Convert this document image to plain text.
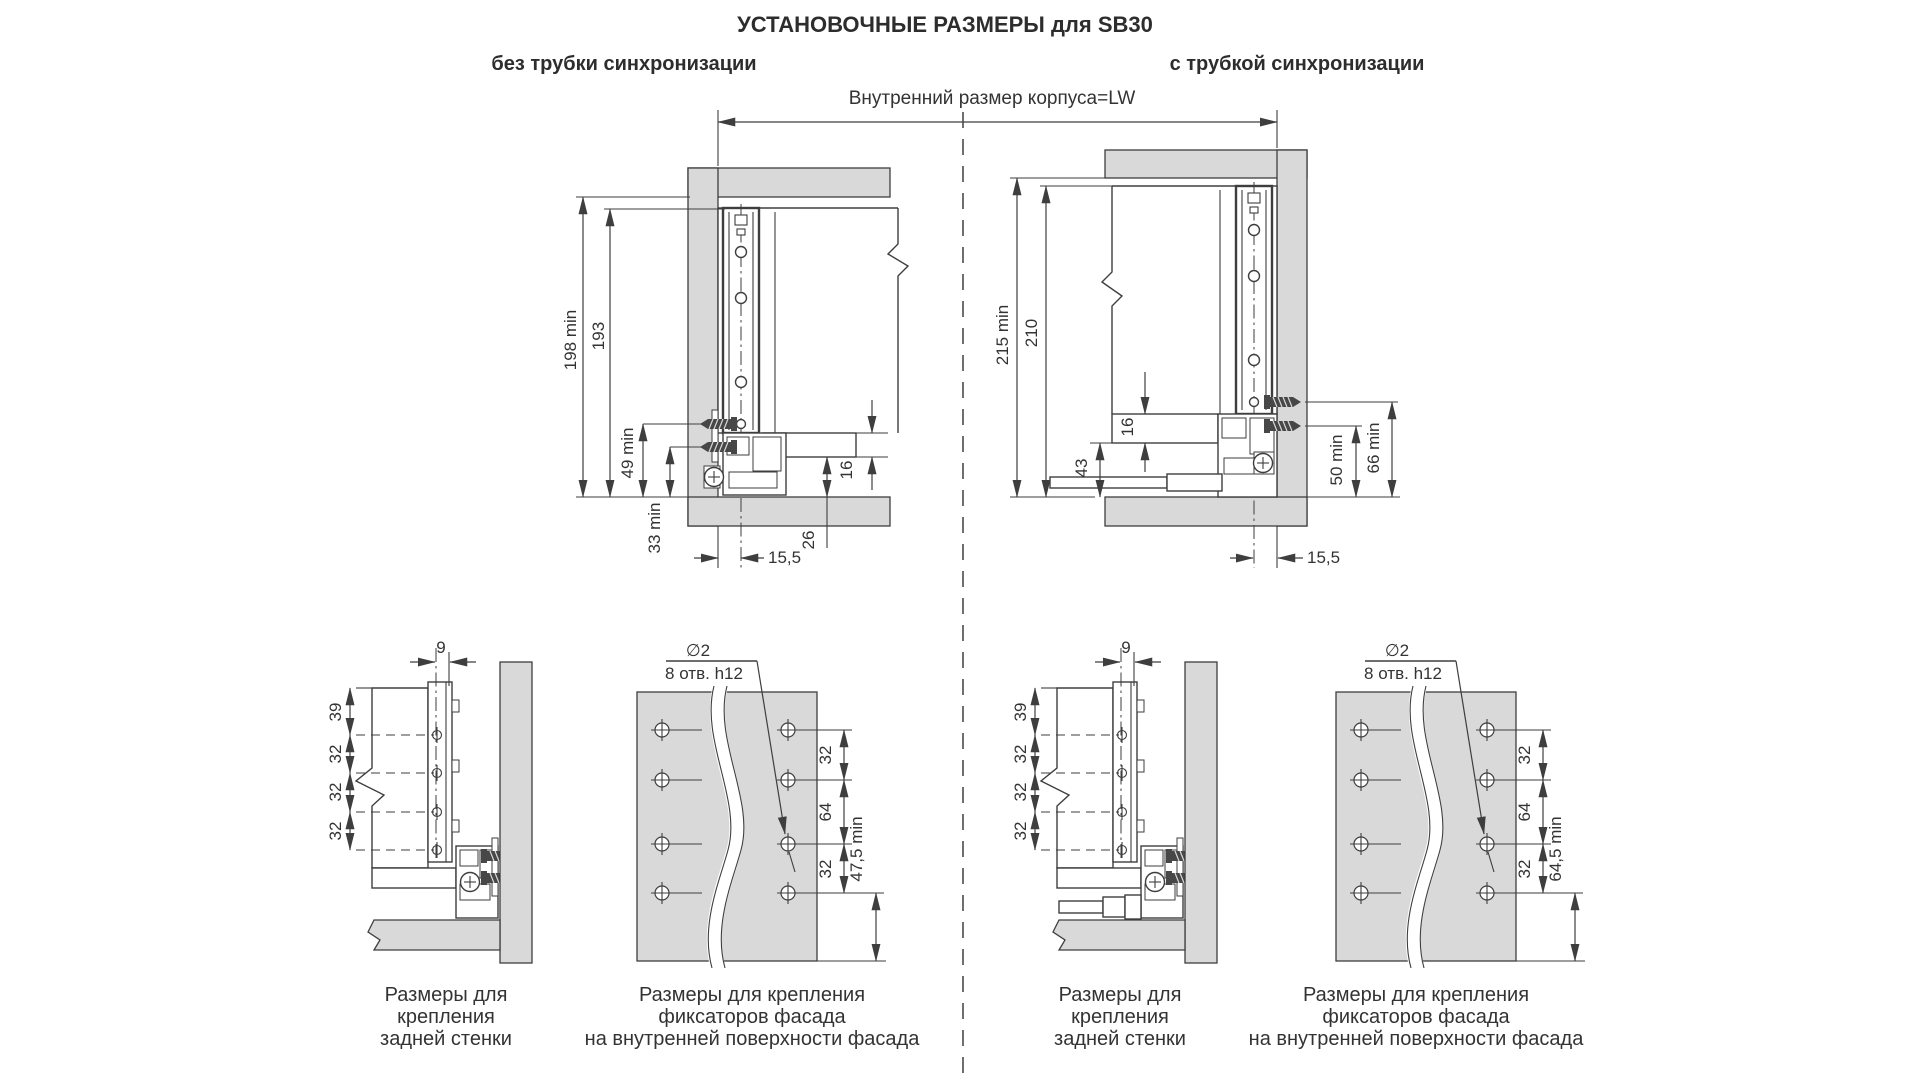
УСТАНОВОЧНЫЕ РАЗМЕРЫ для SB30
без трубки синхронизации	с трубкой синхронизации
Внутренний размер корпуса=LW
198 min 193
49 min
33 min
16
26
15,5
215 min 210
16
43	50 min 66 min
15,5
39
32
32
32
9
Размеры для
крепления
задней стенки
32
64
32 47,5 min
∅2
8 отв. h12
Размеры для крепления
фиксаторов фасада
на внутренней поверхности фасада
39
32
32
32
9
Размеры для
крепления
задней стенки
32
64
32 64,5 min
∅2
8 отв. h12
Размеры для крепления
фиксаторов фасада
на внутренней поверхности фасада
